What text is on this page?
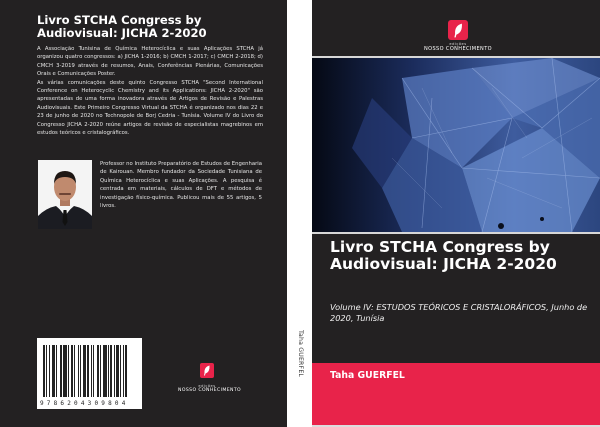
Livro STCHA Congress by Audiovisual: JICHA 2-2020

A Associação Tunisina de Química Heterocíclica e suas Aplicações STCHA já organizou quatro congressos: a) JICHA 1-2016; b) CMCH 1-2017; c) CMCH 2-2018; d) CMCH 3-2019 através de resumos, Anais, Conferências Plenárias, Comunicações Orais e Comunicações Poster.

As várias comunicações deste quinto Congresso STCHA "Second International Conference on Heterocyclic Chemistry and its Applications: JICHA 2-2020" são apresentadas de uma forma inovadora através de Artigos de Revisão e Palestras Audiovisuais. Este Primeiro Congresso Virtual da STCHA é organizado nos dias 22 e 23 de junho de 2020 no Technopole de Borj Cedria - Tunísia. Volume IV do Livro do Congresso JICHA 2-2020 reúne artigos de revisão de especialistas magrebinos em estudos teóricos e cristalográficos.

Professor no Instituto Preparatório de Estudos de Engenharia de Kairouan. Membro fundador da Sociedade Tunisiana de Química Heterocíclica e suas Aplicações. A pesquisa é centrada em materiais, cálculos de DFT e métodos de investigação físico-química. Publicou mais de 55 artigos, 5 livros.
9786204309804
edições
NOSSO CONHECIMENTO
Taha GUERFEL
edições
NOSSO CONHECIMENTO
Livro STCHA Congress by Audiovisual: JICHA 2-2020
Volume IV: ESTUDOS TEÓRICOS E CRISTALORÁFICOS, Junho de 2020, Tunísia
Taha GUERFEL
